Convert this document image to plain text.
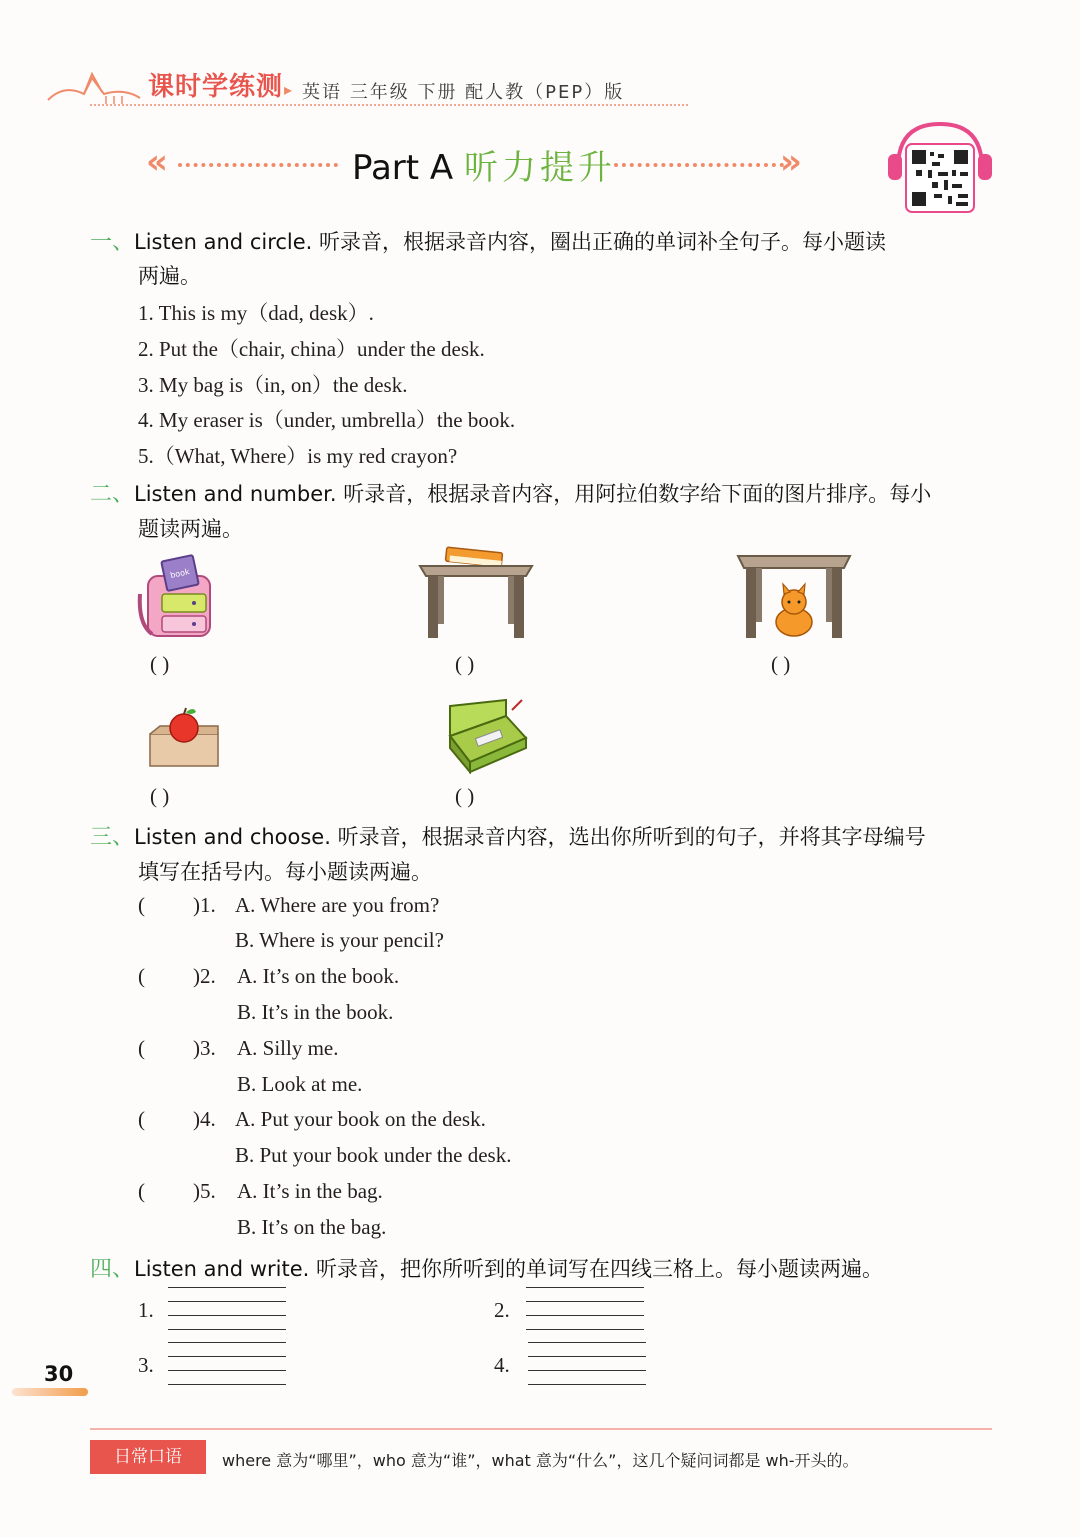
课时学练测 ▸ 英语 三年级 下册 配人教（PEP）版
«	Part A 听力提升	»
一、Listen and circle. 听录音，根据录音内容，圈出正确的单词补全句子。每小题读
两遍。
1. This is my（dad, desk）.
2. Put the（chair, china）under the desk.
3. My bag is（in, on）the desk.
4. My eraser is（under, umbrella）the book.
5.（What, Where）is my red crayon?
二、Listen and number. 听录音，根据录音内容，用阿拉伯数字给下面的图片排序。每小
题读两遍。
book
( )	( )	( )
( )	( )
三、Listen and choose. 听录音，根据录音内容，选出你所听到的句子，并将其字母编号
填写在括号内。每小题读两遍。
( )1. A. Where are you from?
B. Where is your pencil?
( )2. A. It’s on the book.
B. It’s in the book.
( )3. A. Silly me.
B. Look at me.
( )4. A. Put your book on the desk.
B. Put your book under the desk.
( )5. A. It’s in the bag.
B. It’s on the bag.
四、Listen and write. 听录音，把你所听到的单词写在四线三格上。每小题读两遍。
1.	2.
3.	4.
30
日常口语	where 意为“哪里”，who 意为“谁”，what 意为“什么”，这几个疑问词都是 wh-开头的。
